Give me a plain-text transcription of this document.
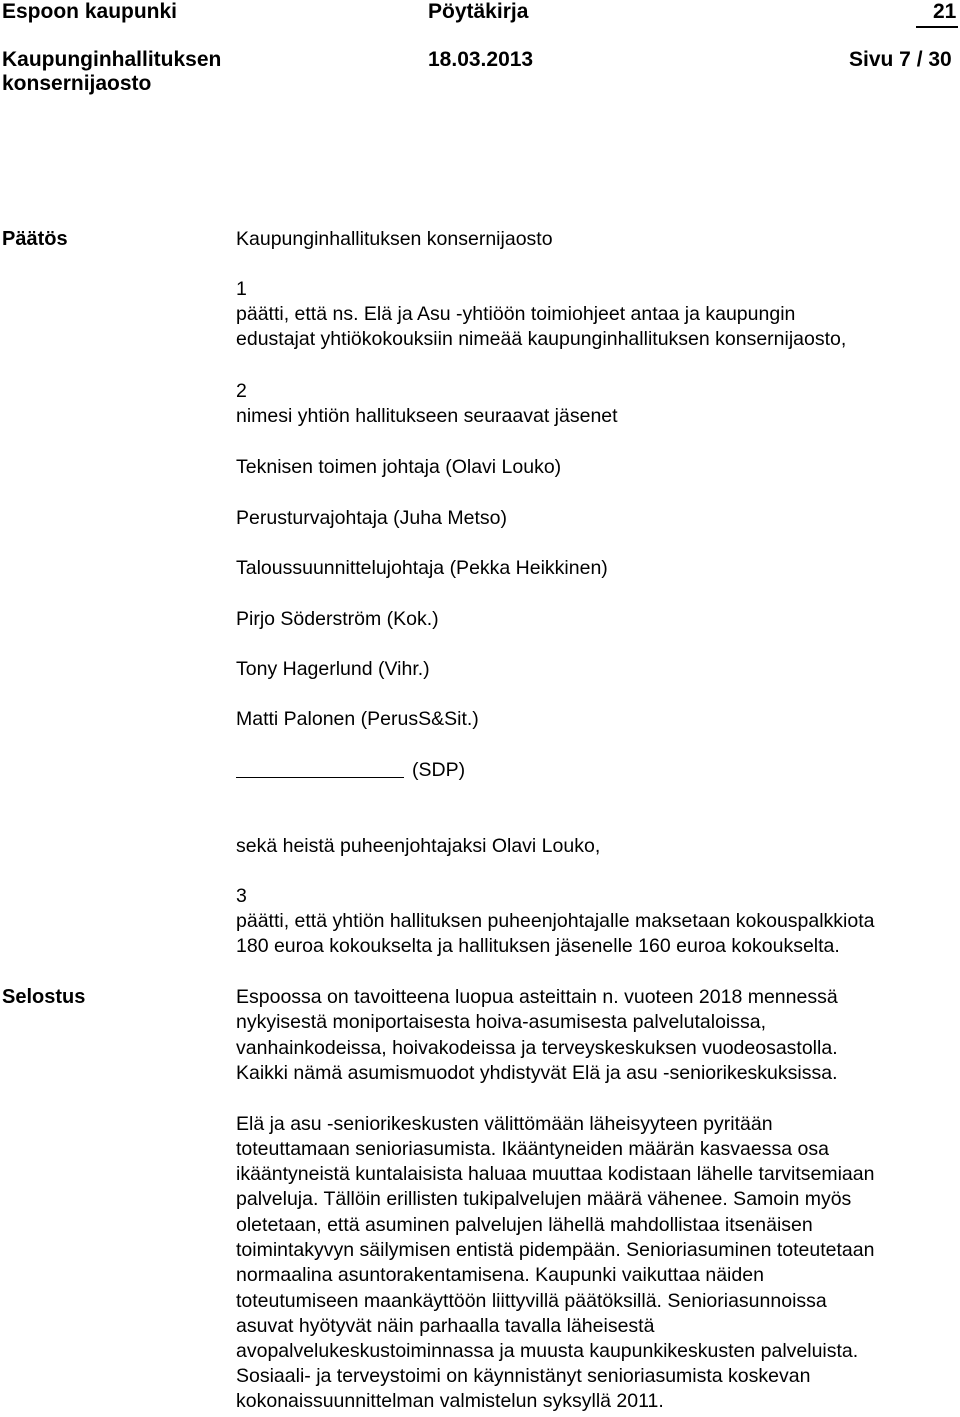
Espoon kaupunki	Pöytäkirja	21
Kaupunginhallituksen
konsernijaosto
18.03.2013	Sivu 7 / 30
Päätös	Kaupunginhallituksen konsernijaosto
1
päätti, että ns. Elä ja Asu -yhtiöön toimiohjeet antaa ja kaupungin
edustajat yhtiökokouksiin nimeää kaupunginhallituksen konsernijaosto,
2
nimesi yhtiön hallitukseen seuraavat jäsenet
Teknisen toimen johtaja (Olavi Louko)
Perusturvajohtaja (Juha Metso)
Taloussuunnittelujohtaja (Pekka Heikkinen)
Pirjo Söderström (Kok.)
Tony Hagerlund (Vihr.)
Matti Palonen (PerusS&Sit.)
(SDP)
sekä heistä puheenjohtajaksi Olavi Louko,
3
päätti, että yhtiön hallituksen puheenjohtajalle maksetaan kokouspalkkiota
180 euroa kokoukselta ja hallituksen jäsenelle 160 euroa kokoukselta.
Selostus	Espoossa on tavoitteena luopua asteittain n. vuoteen 2018 mennessä
nykyisestä moniportaisesta hoiva-asumisesta palvelutaloissa,
vanhainkodeissa, hoivakodeissa ja terveyskeskuksen vuodeosastolla.
Kaikki nämä asumismuodot yhdistyvät Elä ja asu -seniorikeskuksissa.
Elä ja asu -seniorikeskusten välittömään läheisyyteen pyritään
toteuttamaan senioriasumista. Ikääntyneiden määrän kasvaessa osa
ikääntyneistä kuntalaisista haluaa muuttaa kodistaan lähelle tarvitsemiaan
palveluja. Tällöin erillisten tukipalvelujen määrä vähenee. Samoin myös
oletetaan, että asuminen palvelujen lähellä mahdollistaa itsenäisen
toimintakyvyn säilymisen entistä pidempään. Senioriasuminen toteutetaan
normaalina asuntorakentamisena. Kaupunki vaikuttaa näiden
toteutumiseen maankäyttöön liittyvillä päätöksillä. Senioriasunnoissa
asuvat hyötyvät näin parhaalla tavalla läheisestä
avopalvelukeskustoiminnassa ja muusta kaupunkikeskusten palveluista.
Sosiaali- ja terveystoimi on käynnistänyt senioriasumista koskevan
kokonaissuunnittelman valmistelun syksyllä 2011.
